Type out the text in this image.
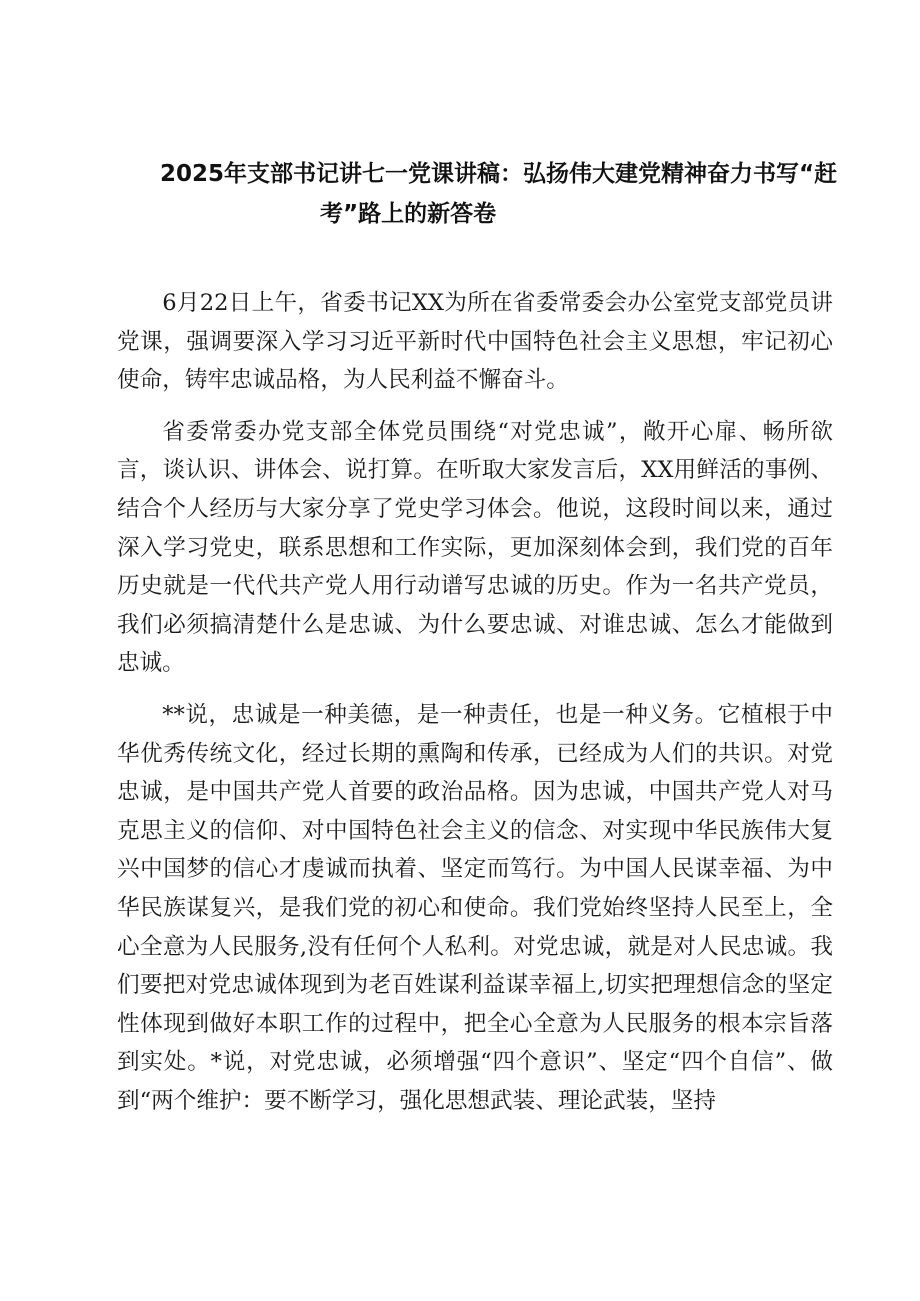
2025年支部书记讲七一党课讲稿：弘扬伟大建党精神奋力书写“赶
考”路上的新答卷

6月22日上午，省委书记XX为所在省委常委会办公室党支部党员讲党课，强调要深入学习习近平新时代中国特色社会主义思想，牢记初心使命，铸牢忠诚品格，为人民利益不懈奋斗。

省委常委办党支部全体党员围绕“对党忠诚”，敞开心扉、畅所欲言，谈认识、讲体会、说打算。在听取大家发言后，XX用鲜活的事例、结合个人经历与大家分享了党史学习体会。他说，这段时间以来，通过深入学习党史，联系思想和工作实际，更加深刻体会到，我们党的百年历史就是一代代共产党人用行动谱写忠诚的历史。作为一名共产党员，我们必须搞清楚什么是忠诚、为什么要忠诚、对谁忠诚、怎么才能做到忠诚。

**说，忠诚是一种美德，是一种责任，也是一种义务。它植根于中华优秀传统文化，经过长期的熏陶和传承，已经成为人们的共识。对党忠诚，是中国共产党人首要的政治品格。因为忠诚，中国共产党人对马克思主义的信仰、对中国特色社会主义的信念、对实现中华民族伟大复兴中国梦的信心才虔诚而执着、坚定而笃行。为中国人民谋幸福、为中华民族谋复兴，是我们党的初心和使命。我们党始终坚持人民至上，全心全意为人民服务,没有任何个人私利。对党忠诚，就是对人民忠诚。我们要把对党忠诚体现到为老百姓谋利益谋幸福上,切实把理想信念的坚定性体现到做好本职工作的过程中，把全心全意为人民服务的根本宗旨落到实处。*说，对党忠诚，必须增强“四个意识”、坚定“四个自信”、做到“两个维护：要不断学习，强化思想武装、理论武装，坚持
